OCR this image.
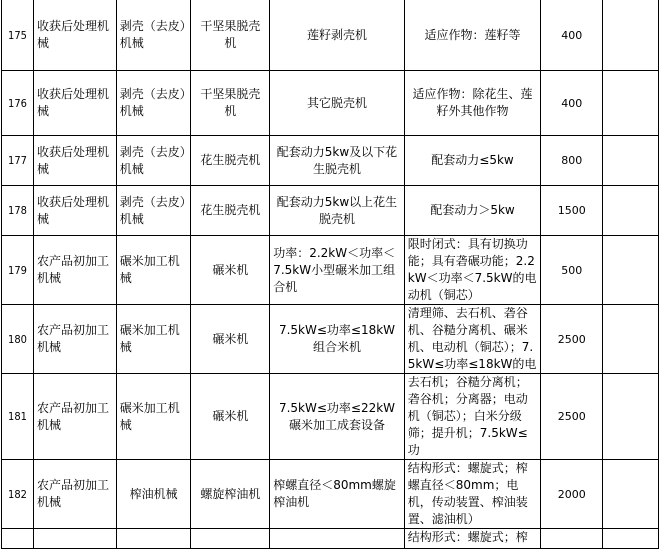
175	收获后处理机械	剥壳（去皮）机械	干坚果脱壳机	莲籽剥壳机	适应作物：莲籽等	400	
176	收获后处理机械	剥壳（去皮）机械	干坚果脱壳机	其它脱壳机	适应作物：除花生、莲籽外其他作物	400	
177	收获后处理机械	剥壳（去皮）机械	花生脱壳机	配套动力5kw及以下花生脱壳机	配套动力≤5kw	800	
178	收获后处理机械	剥壳（去皮）机械	花生脱壳机	配套动力5kw以上花生脱壳机	配套动力＞5kw	1500	
179	农产品初加工机械	碾米加工机械	碾米机	功率：2.2kW＜功率＜7.5kW小型碾米加工组合机	限时闭式：具有切换功能；具有砻碾功能；2.2kW＜功率＜7.5kW的电动机（铜芯）	500	
180	农产品初加工机械	碾米加工机械	碾米机	7.5kW≤功率≤18kW组合米机	清理筛、去石机、砻谷机、谷糙分离机、碾米机、电动机（铜芯）；7.5kW≤功率≤18kW的电	2500	
181	农产品初加工机械	碾米加工机械	碾米机	7.5kW≤功率≤22kW碾米加工成套设备	去石机；谷糙分离机；砻谷机；分离器；电动机（铜芯）；白米分级筛；提升机；7.5kW≤功	2500	
182	农产品初加工机械	榨油机械	螺旋榨油机	榨螺直径＜80mm螺旋榨油机	结构形式：螺旋式；榨螺直径＜80mm；电机，传动装置、榨油装置、滤油机）	2000	
					结构形式：螺旋式；榨		
